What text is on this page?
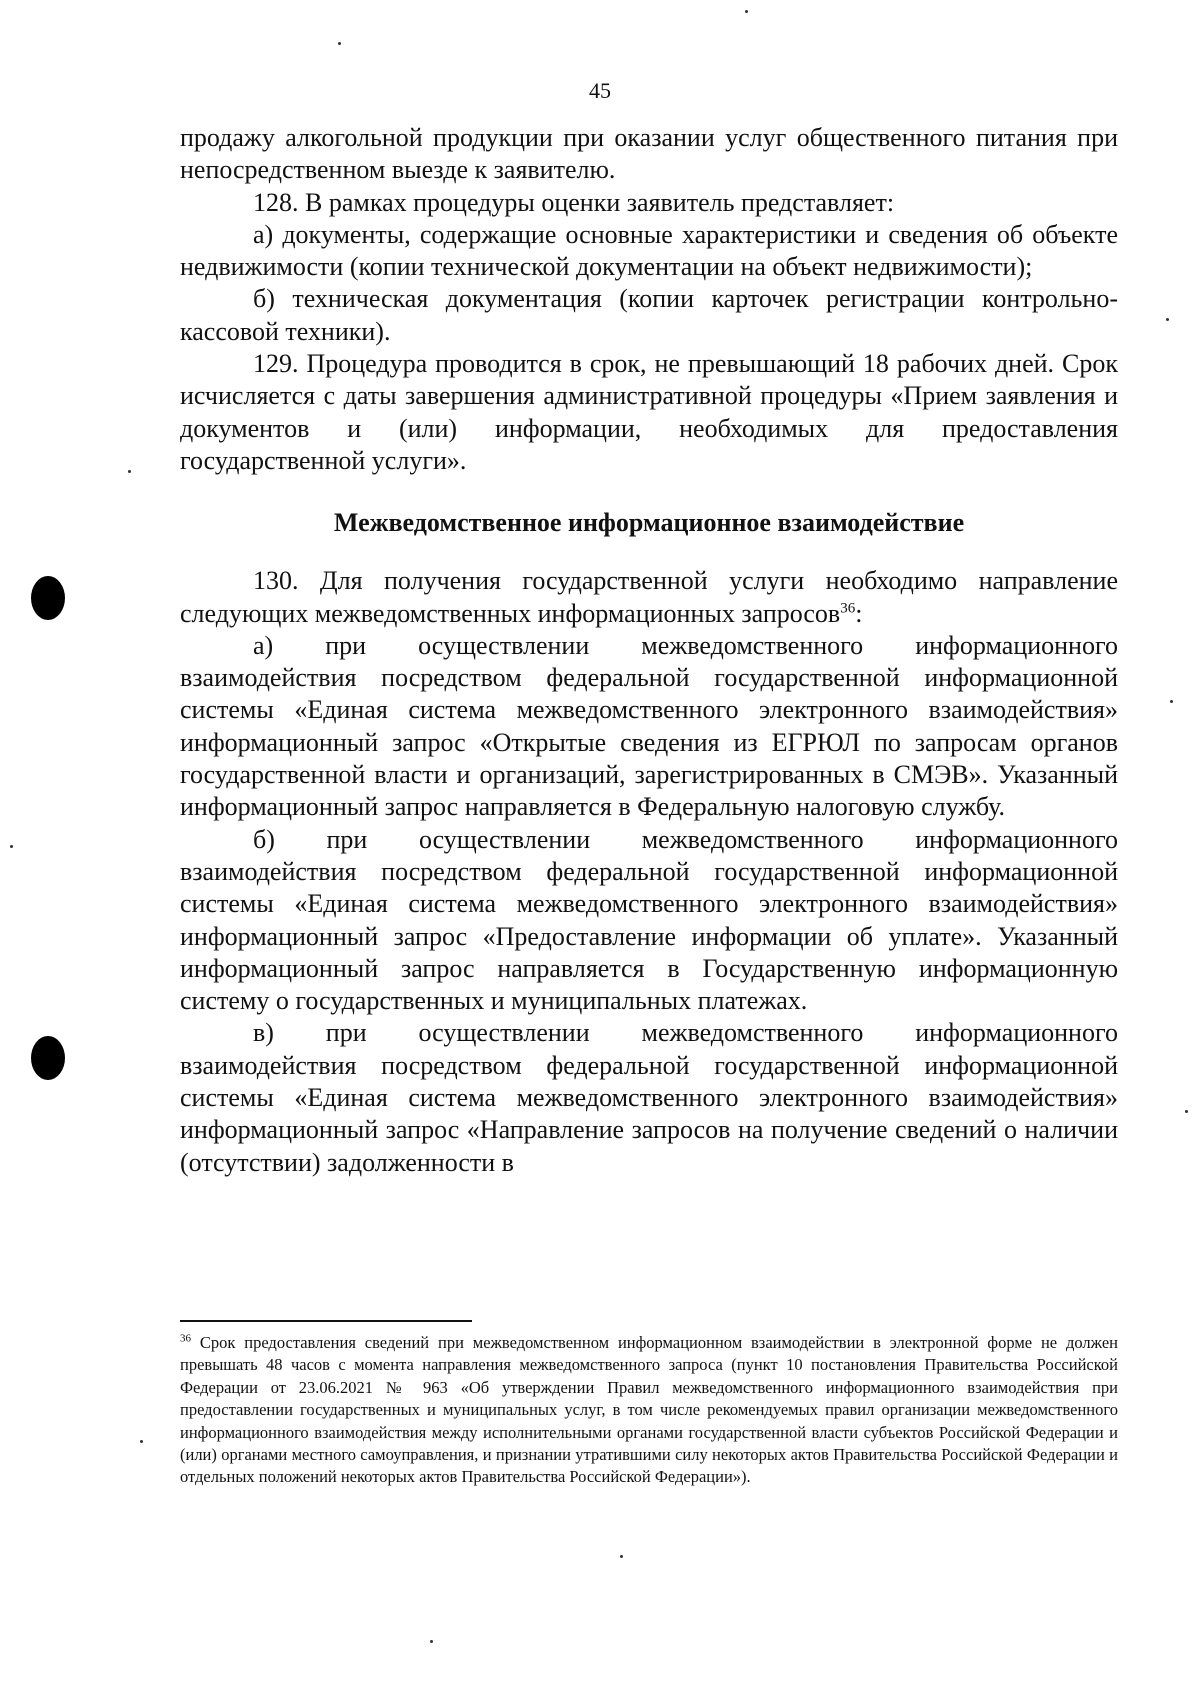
45

продажу алкогольной продукции при оказании услуг общественного питания при непосредственном выезде к заявителю.

128. В рамках процедуры оценки заявитель представляет:

а) документы, содержащие основные характеристики и сведения об объекте недвижимости (копии технической документации на объект недвижимости);

б) техническая документация (копии карточек регистрации контрольно-кассовой техники).

129. Процедура проводится в срок, не превышающий 18 рабочих дней. Срок исчисляется с даты завершения административной процедуры «Прием заявления и документов и (или) информации, необходимых для предоставления государственной услуги».

Межведомственное информационное взаимодействие

130. Для получения государственной услуги необходимо направление следующих межведомственных информационных запросов$^{36}$:

а) при осуществлении межведомственного информационного взаимодействия посредством федеральной государственной информационной системы «Единая система межведомственного электронного взаимодействия» информационный запрос «Открытые сведения из ЕГРЮЛ по запросам органов государственной власти и организаций, зарегистрированных в СМЭВ». Указанный информационный запрос направляется в Федеральную налоговую службу.

б) при осуществлении межведомственного информационного взаимодействия посредством федеральной государственной информационной системы «Единая система межведомственного электронного взаимодействия» информационный запрос «Предоставление информации об уплате». Указанный информационный запрос направляется в Государственную информационную систему о государственных и муниципальных платежах.

в) при осуществлении межведомственного информационного взаимодействия посредством федеральной государственной информационной системы «Единая система межведомственного электронного взаимодействия» информационный запрос «Направление запросов на получение сведений о наличии (отсутствии) задолженности в

$^{36}$ Срок предоставления сведений при межведомственном информационном взаимодействии в электронной форме не должен превышать 48 часов с момента направления межведомственного запроса (пункт 10 постановления Правительства Российской Федерации от 23.06.2021 № 963 «Об утверждении Правил межведомственного информационного взаимодействия при предоставлении государственных и муниципальных услуг, в том числе рекомендуемых правил организации межведомственного информационного взаимодействия между исполнительными органами государственной власти субъектов Российской Федерации и (или) органами местного самоуправления, и признании утратившими силу некоторых актов Правительства Российской Федерации и отдельных положений некоторых актов Правительства Российской Федерации»).
